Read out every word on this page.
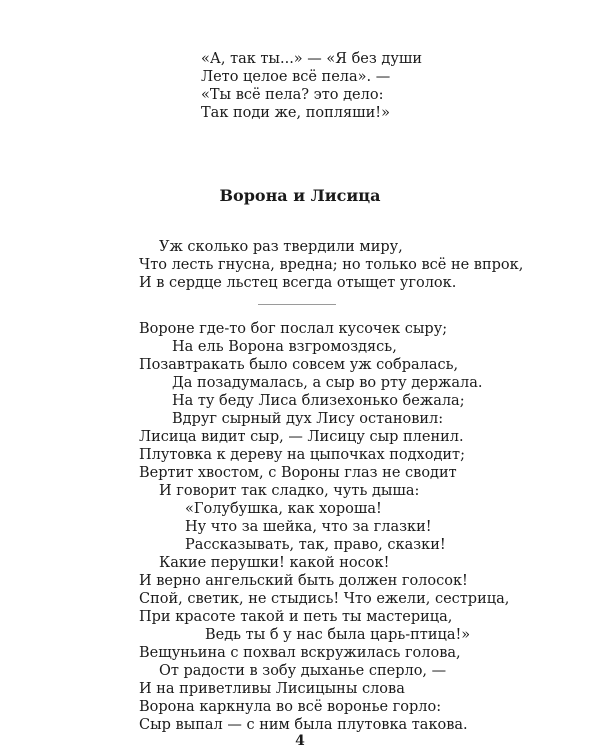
«А, так ты...» — «Я без души
Лето целое всё пела». —
«Ты всё пела? это дело:
Так поди же, попляши!»
Ворона и Лисица
Уж сколько раз твердили миру,
Что лесть гнусна, вредна; но только всё не впрок,
И в сердце льстец всегда отыщет уголок.
Вороне где-то бог послал кусочек сыру;
На ель Ворона взгромоздясь,
Позавтракать было совсем уж собралась,
Да позадумалась, а сыр во рту держала.
На ту беду Лиса близехонько бежала;
Вдруг сырный дух Лису остановил:
Лисица видит сыр, — Лисицу сыр пленил.
Плутовка к дереву на цыпочках подходит;
Вертит хвостом, с Вороны глаз не сводит
И говорит так сладко, чуть дыша:
«Голубушка, как хороша!
Ну что за шейка, что за глазки!
Рассказывать, так, право, сказки!
Какие перушки! какой носок!
И верно ангельский быть должен голосок!
Спой, светик, не стыдись! Что ежели, сестрица,
При красоте такой и петь ты мастерица,
Ведь ты б у нас была царь-птица!»
Вещуньина с похвал вскружилась голова,
От радости в зобу дыханье сперло, —
И на приветливы Лисицыны слова
Ворона каркнула во всё воронье горло:
Сыр выпал — с ним была плутовка такова.
4
